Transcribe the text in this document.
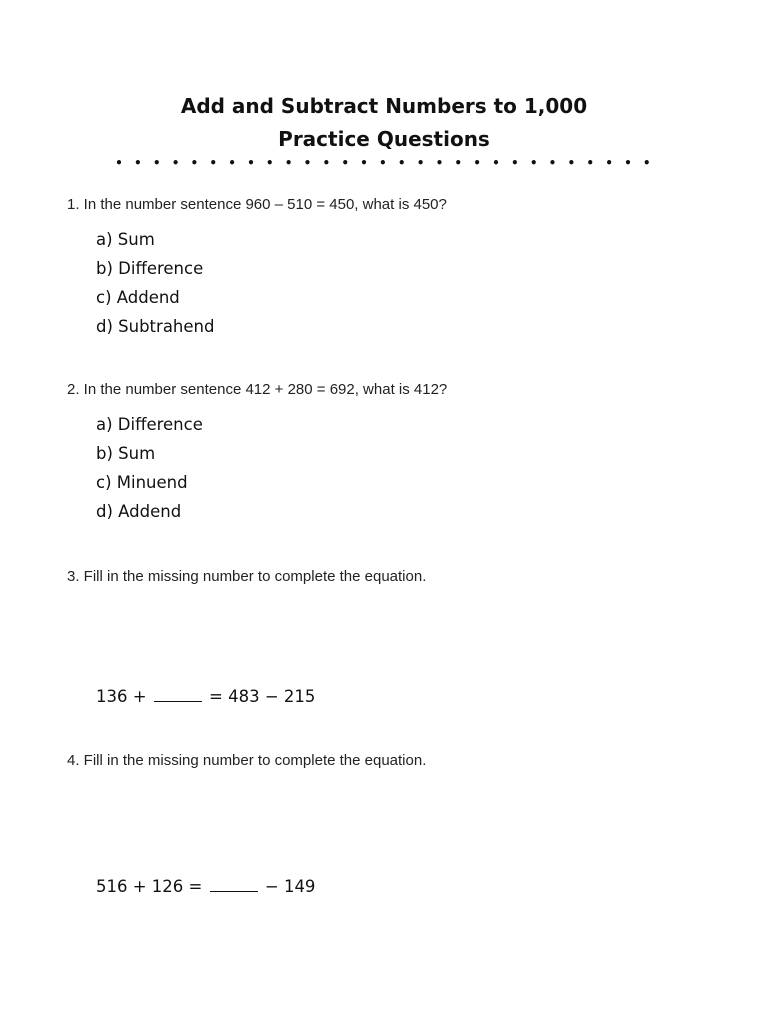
Add and Subtract Numbers to 1,000
Practice Questions
• • • • • • • • • • • • • • • • • • • • • • • • • • • • •
1. In the number sentence 960 – 510 = 450, what is 450?
a) Sum
b) Difference
c) Addend
d) Subtrahend
2. In the number sentence 412 + 280 = 692, what is 412?
a) Difference
b) Sum
c) Minuend
d) Addend
3. Fill in the missing number to complete the equation.
136 +	= 483 − 215
4. Fill in the missing number to complete the equation.
516 + 126 =	− 149
